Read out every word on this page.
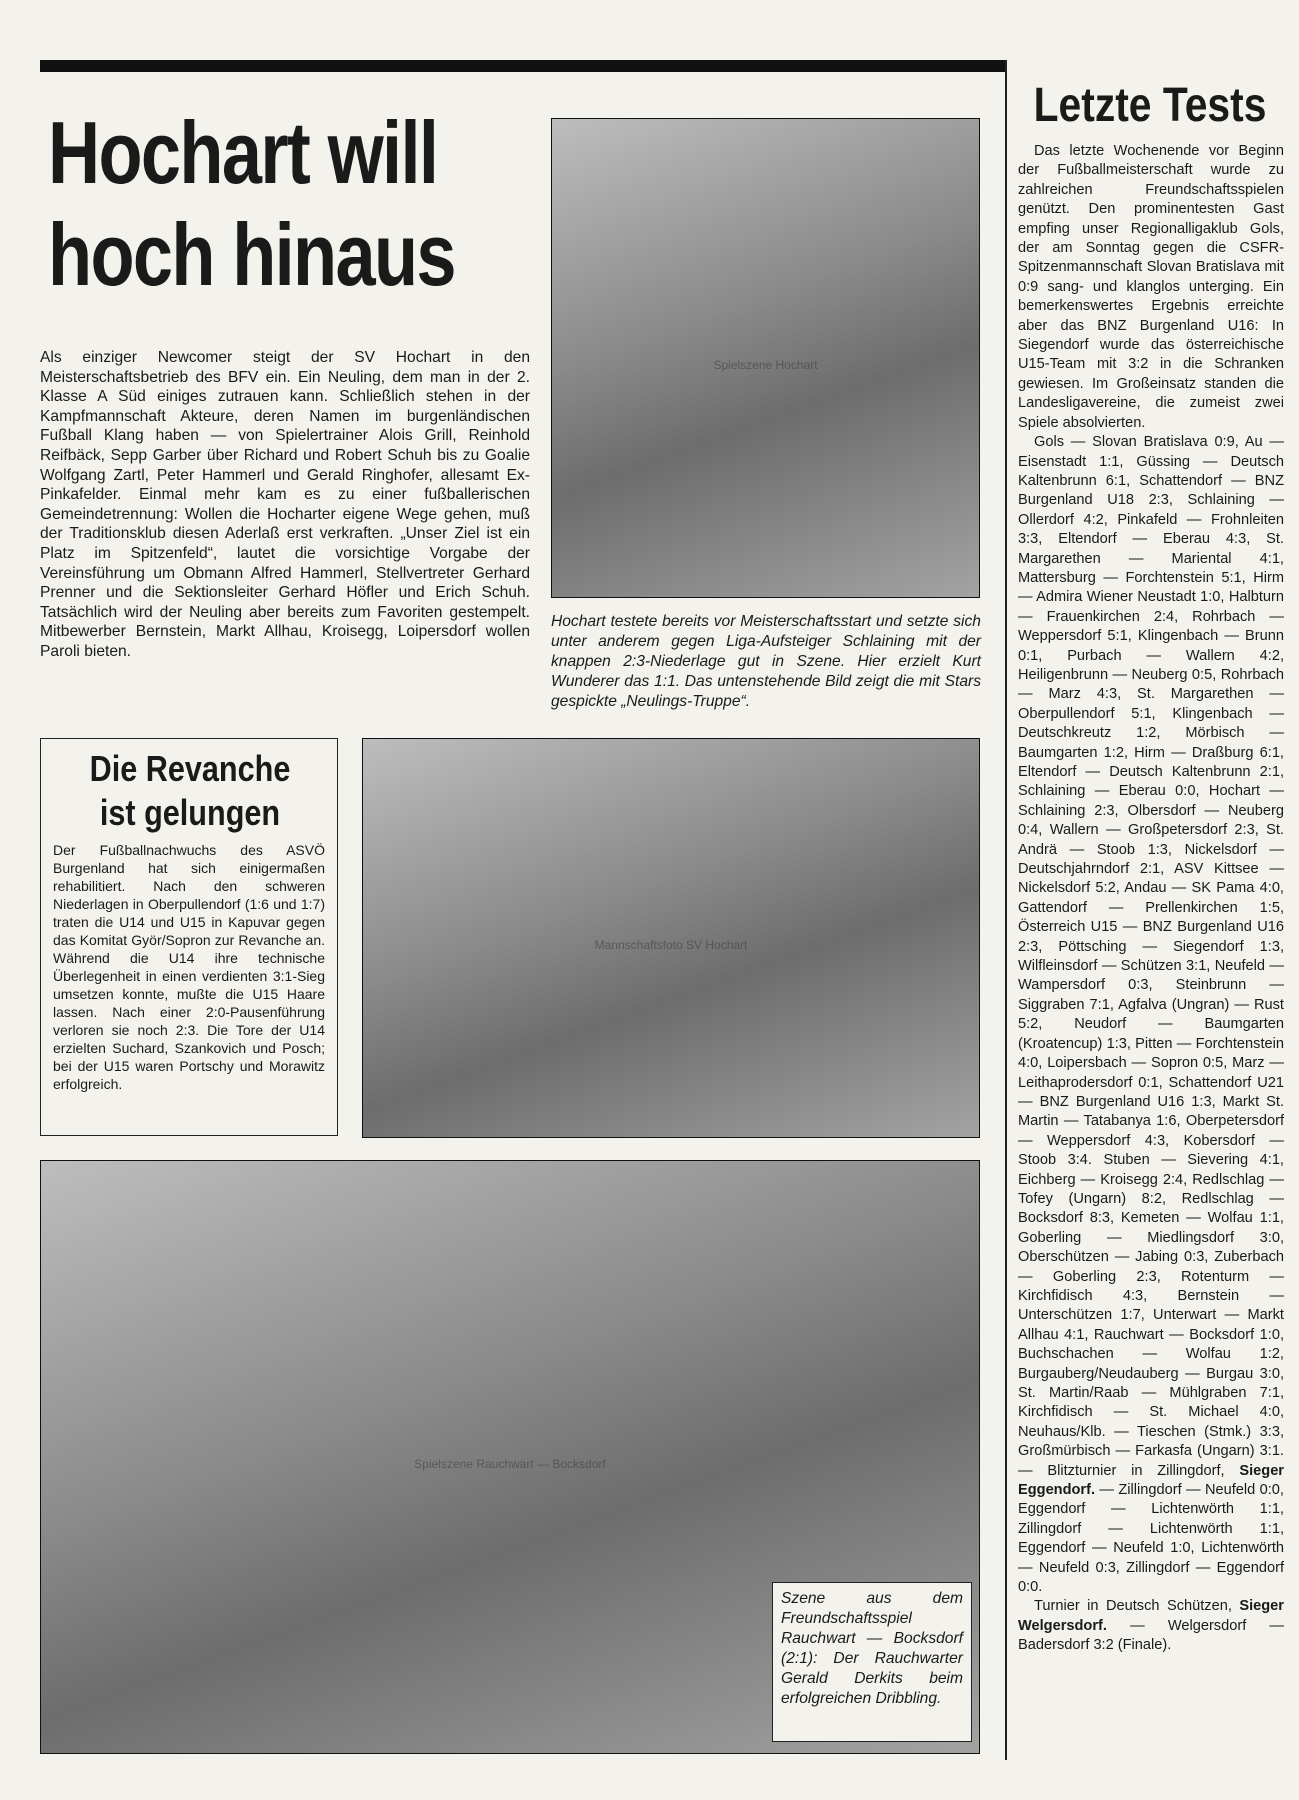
Hochart will
hoch hinaus
Als einziger Newcomer steigt der SV Hochart in den Meisterschaftsbetrieb des BFV ein. Ein Neuling, dem man in der 2. Klasse A Süd einiges zutrauen kann. Schließlich stehen in der Kampfmannschaft Akteure, deren Namen im burgenländischen Fußball Klang haben — von Spielertrainer Alois Grill, Reinhold Reifbäck, Sepp Garber über Richard und Robert Schuh bis zu Goalie Wolfgang Zartl, Peter Hammerl und Gerald Ringhofer, allesamt Ex-Pinkafelder. Einmal mehr kam es zu einer fußballerischen Gemeindetrennung: Wollen die Hocharter eigene Wege gehen, muß der Traditionsklub diesen Aderlaß erst verkraften. „Unser Ziel ist ein Platz im Spitzenfeld“, lautet die vorsichtige Vorgabe der Vereinsführung um Obmann Alfred Hammerl, Stellvertreter Gerhard Prenner und die Sektionsleiter Gerhard Höfler und Erich Schuh. Tatsächlich wird der Neuling aber bereits zum Favoriten gestempelt. Mitbewerber Bernstein, Markt Allhau, Kroisegg, Loipersdorf wollen Paroli bieten.
Spielszene Hochart
Hochart testete bereits vor Meisterschaftsstart und setzte sich unter anderem gegen Liga-Aufsteiger Schlaining mit der knappen 2:3-Niederlage gut in Szene. Hier erzielt Kurt Wunderer das 1:1. Das untenstehende Bild zeigt die mit Stars gespickte „Neulings-Truppe“.
Die Revanche
ist gelungen
Der Fußballnachwuchs des ASVÖ Burgenland hat sich einigermaßen rehabilitiert. Nach den schweren Niederlagen in Oberpullendorf (1:6 und 1:7) traten die U14 und U15 in Kapuvar gegen das Komitat Györ/Sopron zur Revanche an. Während die U14 ihre technische Überlegenheit in einen verdienten 3:1-Sieg umsetzen konnte, mußte die U15 Haare lassen. Nach einer 2:0-Pausenführung verloren sie noch 2:3. Die Tore der U14 erzielten Suchard, Szankovich und Posch; bei der U15 waren Portschy und Morawitz erfolgreich.
Mannschaftsfoto SV Hochart
Spielszene Rauchwart — Bocksdorf
Szene aus dem Freundschaftsspiel Rauchwart — Bocksdorf (2:1): Der Rauchwarter Gerald Derkits beim erfolgreichen Dribbling.
Letzte Tests

Das letzte Wochenende vor Beginn der Fußballmeisterschaft wurde zu zahlreichen Freundschaftsspielen genützt. Den prominentesten Gast empfing unser Regionalligaklub Gols, der am Sonntag gegen die CSFR-Spitzenmannschaft Slovan Bratislava mit 0:9 sang- und klanglos unterging. Ein bemerkenswertes Ergebnis erreichte aber das BNZ Burgenland U16: In Siegendorf wurde das österreichische U15-Team mit 3:2 in die Schranken gewiesen. Im Großeinsatz standen die Landesligavereine, die zumeist zwei Spiele absolvierten.

Gols — Slovan Bratislava 0:9, Au — Eisenstadt 1:1, Güssing — Deutsch Kaltenbrunn 6:1, Schattendorf — BNZ Burgenland U18 2:3, Schlaining — Ollerdorf 4:2, Pinkafeld — Frohnleiten 3:3, Eltendorf — Eberau 4:3, St. Margarethen — Mariental 4:1, Mattersburg — Forchtenstein 5:1, Hirm — Admira Wiener Neustadt 1:0, Halbturn — Frauenkirchen 2:4, Rohrbach — Weppersdorf 5:1, Klingenbach — Brunn 0:1, Purbach — Wallern 4:2, Heiligenbrunn — Neuberg 0:5, Rohrbach — Marz 4:3, St. Margarethen — Oberpullendorf 5:1, Klingenbach — Deutschkreutz 1:2, Mörbisch — Baumgarten 1:2, Hirm — Draßburg 6:1, Eltendorf — Deutsch Kaltenbrunn 2:1, Schlaining — Eberau 0:0, Hochart — Schlaining 2:3, Olbersdorf — Neuberg 0:4, Wallern — Großpetersdorf 2:3, St. Andrä — Stoob 1:3, Nickelsdorf — Deutschjahrndorf 2:1, ASV Kittsee — Nickelsdorf 5:2, Andau — SK Pama 4:0, Gattendorf — Prellenkirchen 1:5, Österreich U15 — BNZ Burgenland U16 2:3, Pöttsching — Siegendorf 1:3, Wilfleinsdorf — Schützen 3:1, Neufeld — Wampersdorf 0:3, Steinbrunn — Siggraben 7:1, Agfalva (Ungran) — Rust 5:2, Neudorf — Baumgarten (Kroatencup) 1:3, Pitten — Forchtenstein 4:0, Loipersbach — Sopron 0:5, Marz — Leithaprodersdorf 0:1, Schattendorf U21 — BNZ Burgenland U16 1:3, Markt St. Martin — Tatabanya 1:6, Oberpetersdorf — Weppersdorf 4:3, Kobersdorf — Stoob 3:4. Stuben — Sievering 4:1, Eichberg — Kroisegg 2:4, Redlschlag — Tofey (Ungarn) 8:2, Redlschlag — Bocksdorf 8:3, Kemeten — Wolfau 1:1, Goberling — Miedlingsdorf 3:0, Oberschützen — Jabing 0:3, Zuberbach — Goberling 2:3, Rotenturm — Kirchfidisch 4:3, Bernstein — Unterschützen 1:7, Unterwart — Markt Allhau 4:1, Rauchwart — Bocksdorf 1:0, Buchschachen — Wolfau 1:2, Burgauberg/Neudauberg — Burgau 3:0, St. Martin/Raab — Mühlgraben 7:1, Kirchfidisch — St. Michael 4:0, Neuhaus/Klb. — Tieschen (Stmk.) 3:3, Großmürbisch — Farkasfa (Ungarn) 3:1. — Blitzturnier in Zillingdorf, Sieger Eggendorf. — Zillingdorf — Neufeld 0:0, Eggendorf — Lichtenwörth 1:1, Zillingdorf — Lichtenwörth 1:1, Eggendorf — Neufeld 1:0, Lichtenwörth — Neufeld 0:3, Zillingdorf — Eggendorf 0:0.

Turnier in Deutsch Schützen, Sieger Welgersdorf. — Welgersdorf — Badersdorf 3:2 (Finale).
